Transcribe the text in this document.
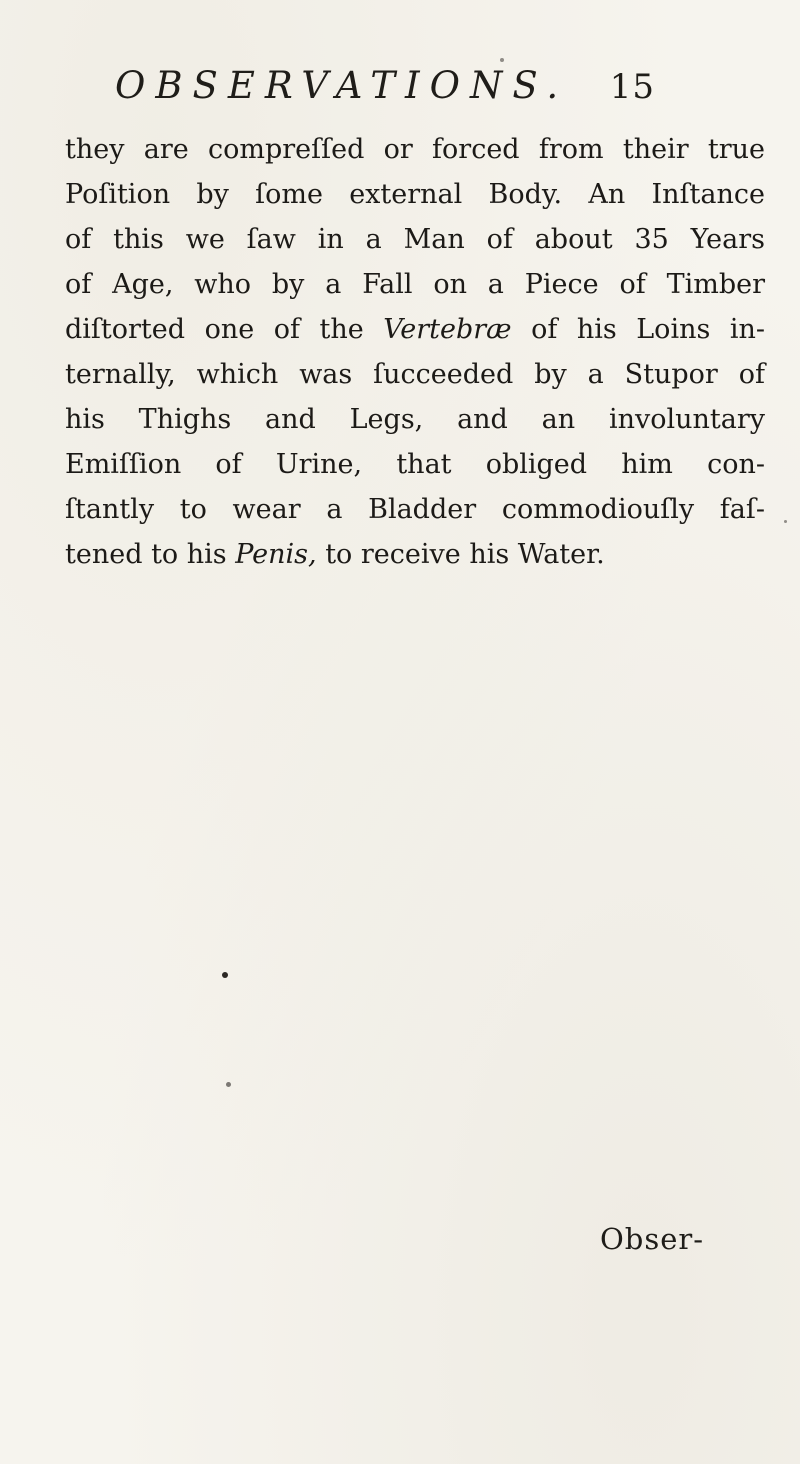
OBSERVATIONS. 15
they are compreſſed or forced from their true
Poſition by ſome external Body. An Inſtance
of this we ſaw in a Man of about 35 Years
of Age, who by a Fall on a Piece of Timber
diſtorted one of the Vertebræ of his Loins in-
ternally, which was ſucceeded by a Stupor of
his Thighs and Legs, and an involuntary
Emiſſion of Urine, that obliged him con-
ſtantly to wear a Bladder commodiouſly faſ-
tened to his Penis, to receive his Water.
Obser-
